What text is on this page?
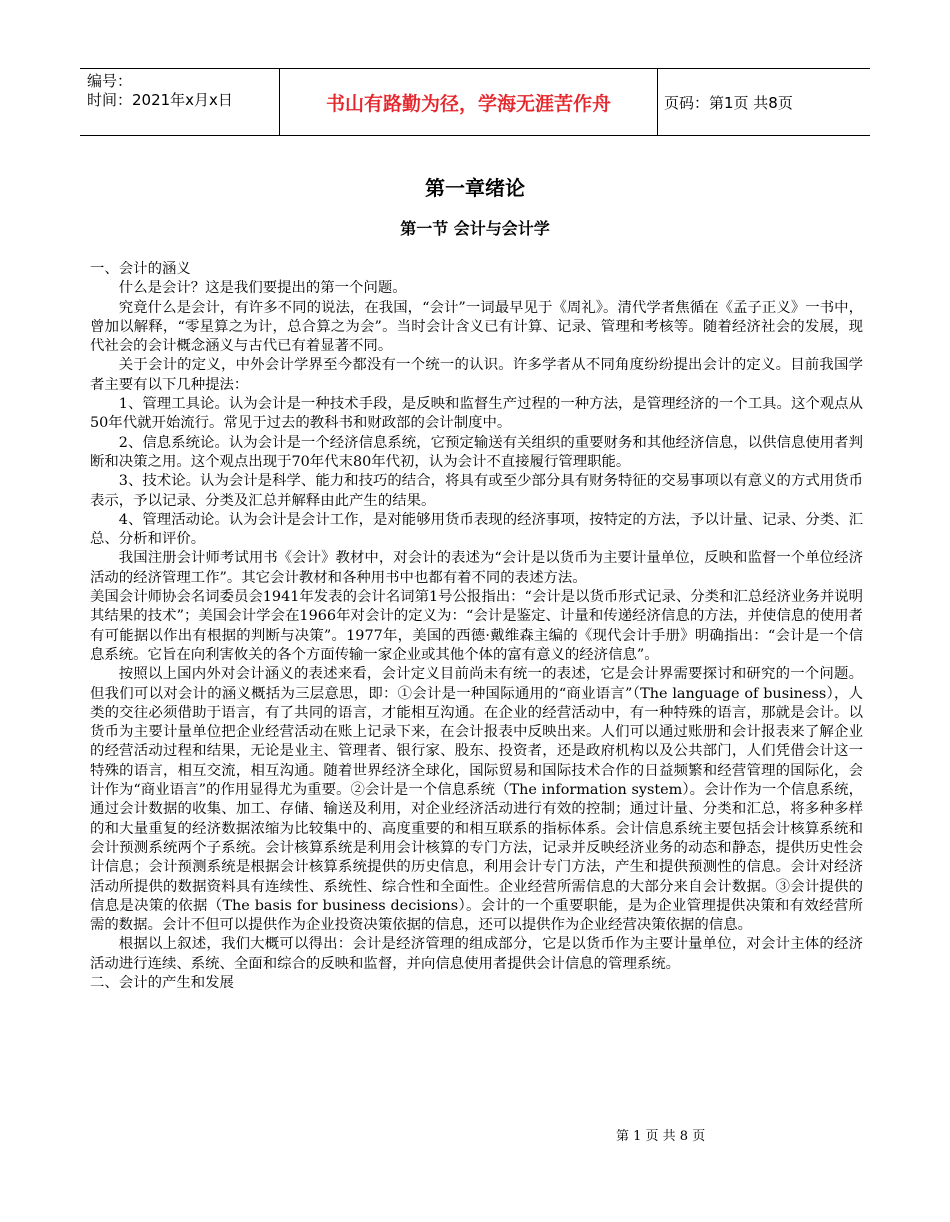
编号：
时间：2021年x月x日	书山有路勤为径，学海无涯苦作舟	页码：第1页 共8页
第一章绪论
第一节 会计与会计学

一、会计的涵义

什么是会计？这是我们要提出的第一个问题。

究竟什么是会计，有许多不同的说法，在我国，“会计”一词最早见于《周礼》。清代学者焦循在《孟子正义》一书中，曾加以解释，“零星算之为计，总合算之为会”。当时会计含义已有计算、记录、管理和考核等。随着经济社会的发展，现代社会的会计概念涵义与古代已有着显著不同。

关于会计的定义，中外会计学界至今都没有一个统一的认识。许多学者从不同角度纷纷提出会计的定义。目前我国学者主要有以下几种提法：

1、管理工具论。认为会计是一种技术手段，是反映和监督生产过程的一种方法，是管理经济的一个工具。这个观点从50年代就开始流行。常见于过去的教科书和财政部的会计制度中。

2、信息系统论。认为会计是一个经济信息系统，它预定输送有关组织的重要财务和其他经济信息，以供信息使用者判断和决策之用。这个观点出现于70年代末80年代初，认为会计不直接履行管理职能。

3、技术论。认为会计是科学、能力和技巧的结合，将具有或至少部分具有财务特征的交易事项以有意义的方式用货币表示，予以记录、分类及汇总并解释由此产生的结果。

4、管理活动论。认为会计是会计工作，是对能够用货币表现的经济事项，按特定的方法，予以计量、记录、分类、汇总、分析和评价。

我国注册会计师考试用书《会计》教材中，对会计的表述为“会计是以货币为主要计量单位，反映和监督一个单位经济活动的经济管理工作”。其它会计教材和各种用书中也都有着不同的表述方法。

美国会计师协会名词委员会1941年发表的会计名词第1号公报指出：“会计是以货币形式记录、分类和汇总经济业务并说明其结果的技术”；美国会计学会在1966年对会计的定义为：“会计是鉴定、计量和传递经济信息的方法，并使信息的使用者有可能据以作出有根据的判断与决策”。1977年，美国的西德·戴维森主编的《现代会计手册》明确指出：“会计是一个信息系统。它旨在向利害攸关的各个方面传输一家企业或其他个体的富有意义的经济信息”。

按照以上国内外对会计涵义的表述来看，会计定义目前尚未有统一的表述，它是会计界需要探讨和研究的一个问题。但我们可以对会计的涵义概括为三层意思，即：①会计是一种国际通用的“商业语言”（The language of business），人类的交往必须借助于语言，有了共同的语言，才能相互沟通。在企业的经营活动中，有一种特殊的语言，那就是会计。以货币为主要计量单位把企业经营活动在账上记录下来，在会计报表中反映出来。人们可以通过账册和会计报表来了解企业的经营活动过程和结果，无论是业主、管理者、银行家、股东、投资者，还是政府机构以及公共部门，人们凭借会计这一特殊的语言，相互交流，相互沟通。随着世界经济全球化，国际贸易和国际技术合作的日益频繁和经营管理的国际化，会计作为“商业语言”的作用显得尤为重要。②会计是一个信息系统（The information system）。会计作为一个信息系统，通过会计数据的收集、加工、存储、输送及利用，对企业经济活动进行有效的控制；通过计量、分类和汇总，将多种多样的和大量重复的经济数据浓缩为比较集中的、高度重要的和相互联系的指标体系。会计信息系统主要包括会计核算系统和会计预测系统两个子系统。会计核算系统是利用会计核算的专门方法，记录并反映经济业务的动态和静态，提供历史性会计信息；会计预测系统是根据会计核算系统提供的历史信息，利用会计专门方法，产生和提供预测性的信息。会计对经济活动所提供的数据资料具有连续性、系统性、综合性和全面性。企业经营所需信息的大部分来自会计数据。③会计提供的信息是决策的依据（The basis for business decisions）。会计的一个重要职能，是为企业管理提供决策和有效经营所需的数据。会计不但可以提供作为企业投资决策依据的信息，还可以提供作为企业经营决策依据的信息。

根据以上叙述，我们大概可以得出：会计是经济管理的组成部分，它是以货币作为主要计量单位，对会计主体的经济活动进行连续、系统、全面和综合的反映和监督，并向信息使用者提供会计信息的管理系统。

二、会计的产生和发展

第 1 页 共 8 页
